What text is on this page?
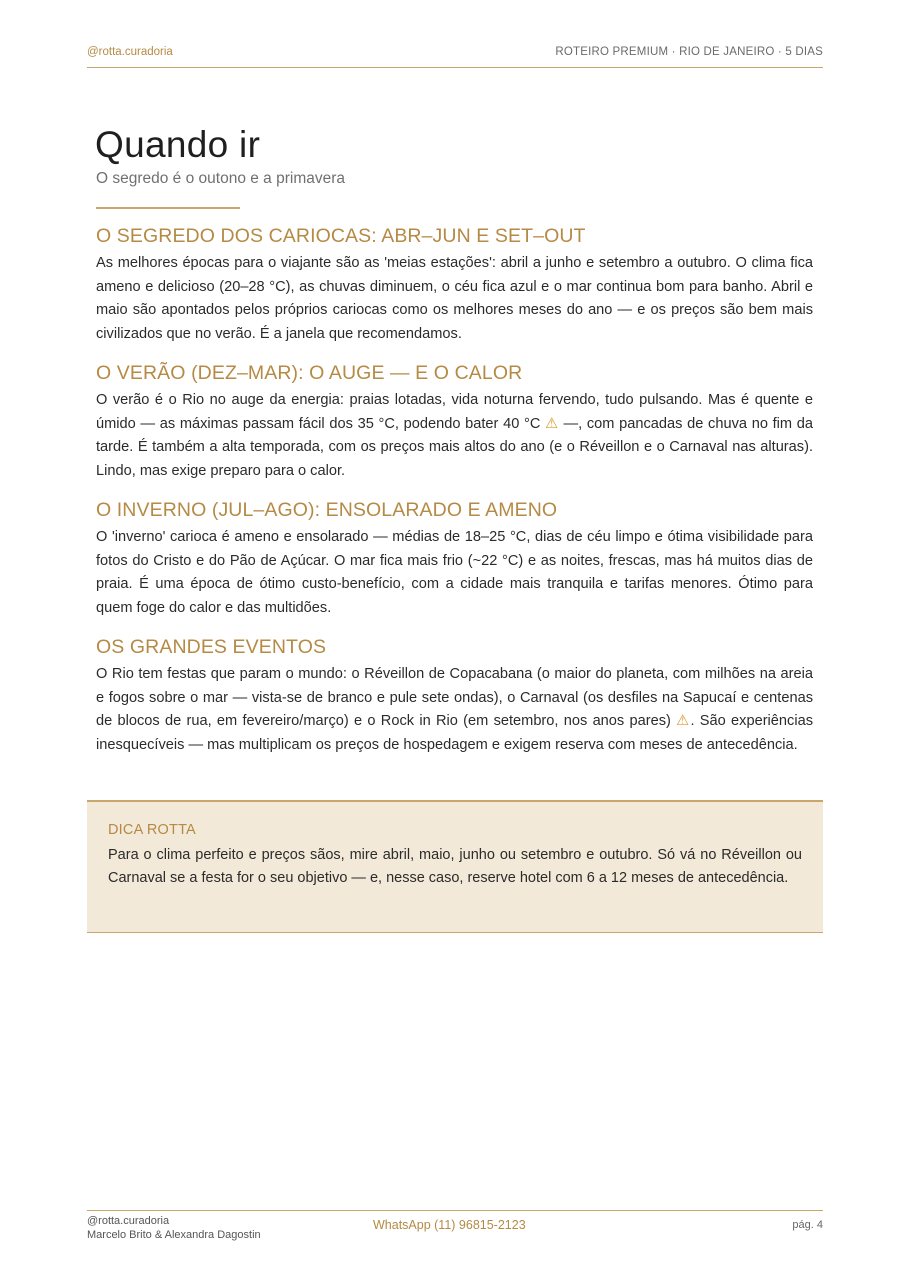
@rotta.curadoria	ROTEIRO PREMIUM · RIO DE JANEIRO · 5 DIAS
Quando ir
O segredo é o outono e a primavera
O SEGREDO DOS CARIOCAS: ABR–JUN E SET–OUT

As melhores épocas para o viajante são as 'meias estações': abril a junho e setembro a outubro. O clima fica ameno e delicioso (20–28 °C), as chuvas diminuem, o céu fica azul e o mar continua bom para banho. Abril e maio são apontados pelos próprios cariocas como os melhores meses do ano — e os preços são bem mais civilizados que no verão. É a janela que recomendamos.

O VERÃO (DEZ–MAR): O AUGE — E O CALOR

O verão é o Rio no auge da energia: praias lotadas, vida noturna fervendo, tudo pulsando. Mas é quente e úmido — as máximas passam fácil dos 35 °C, podendo bater 40 °C ⚠ —, com pancadas de chuva no fim da tarde. É também a alta temporada, com os preços mais altos do ano (e o Réveillon e o Carnaval nas alturas). Lindo, mas exige preparo para o calor.

O INVERNO (JUL–AGO): ENSOLARADO E AMENO

O 'inverno' carioca é ameno e ensolarado — médias de 18–25 °C, dias de céu limpo e ótima visibilidade para fotos do Cristo e do Pão de Açúcar. O mar fica mais frio (~22 °C) e as noites, frescas, mas há muitos dias de praia. É uma época de ótimo custo-benefício, com a cidade mais tranquila e tarifas menores. Ótimo para quem foge do calor e das multidões.

OS GRANDES EVENTOS

O Rio tem festas que param o mundo: o Réveillon de Copacabana (o maior do planeta, com milhões na areia e fogos sobre o mar — vista-se de branco e pule sete ondas), o Carnaval (os desfiles na Sapucaí e centenas de blocos de rua, em fevereiro/março) e o Rock in Rio (em setembro, nos anos pares) ⚠. São experiências inesquecíveis — mas multiplicam os preços de hospedagem e exigem reserva com meses de antecedência.

DICA ROTTA

Para o clima perfeito e preços sãos, mire abril, maio, junho ou setembro e outubro. Só vá no Réveillon ou Carnaval se a festa for o seu objetivo — e, nesse caso, reserve hotel com 6 a 12 meses de antecedência.

@rotta.curadoria
Marcelo Brito & Alexandra Dagostin
WhatsApp (11) 96815-2123	pág. 4
